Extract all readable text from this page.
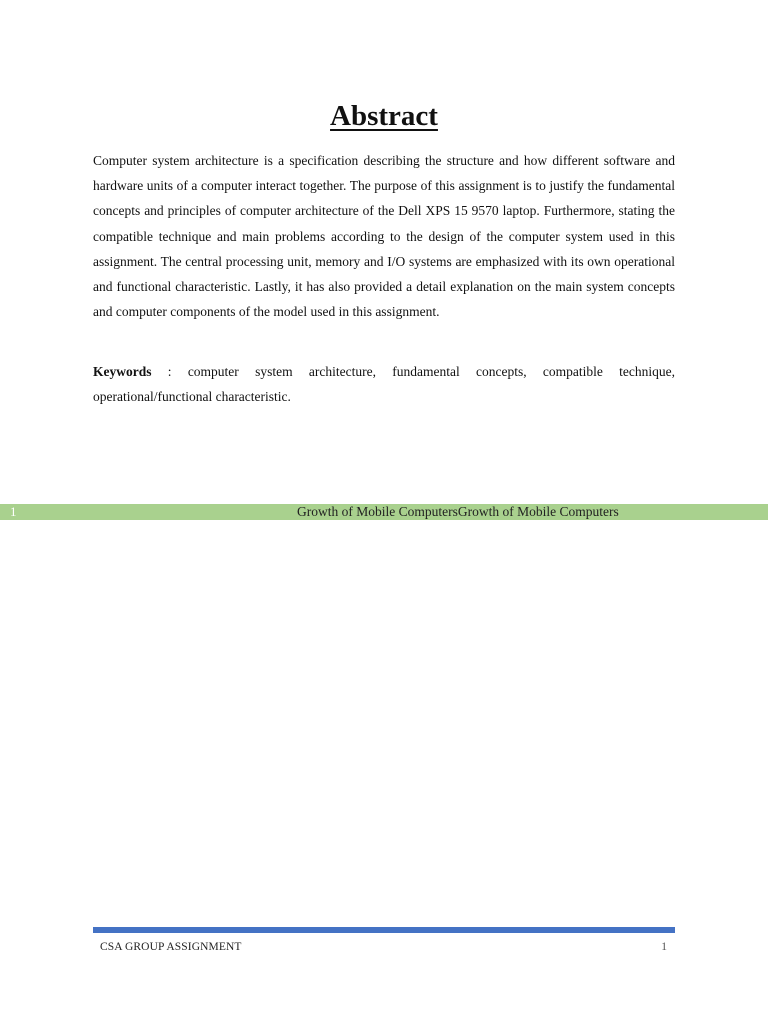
Abstract

Computer system architecture is a specification describing the structure and how different software and hardware units of a computer interact together. The purpose of this assignment is to justify the fundamental concepts and principles of computer architecture of the Dell XPS 15 9570 laptop. Furthermore, stating the compatible technique and main problems according to the design of the computer system used in this assignment. The central processing unit, memory and I/O systems are emphasized with its own operational and functional characteristic. Lastly, it has also provided a detail explanation on the main system concepts and computer components of the model used in this assignment.

Keywords : computer system architecture, fundamental concepts, compatible technique, operational/functional characteristic.

1	Growth of Mobile ComputersGrowth of Mobile Computers
CSA GROUP ASSIGNMENT	1
